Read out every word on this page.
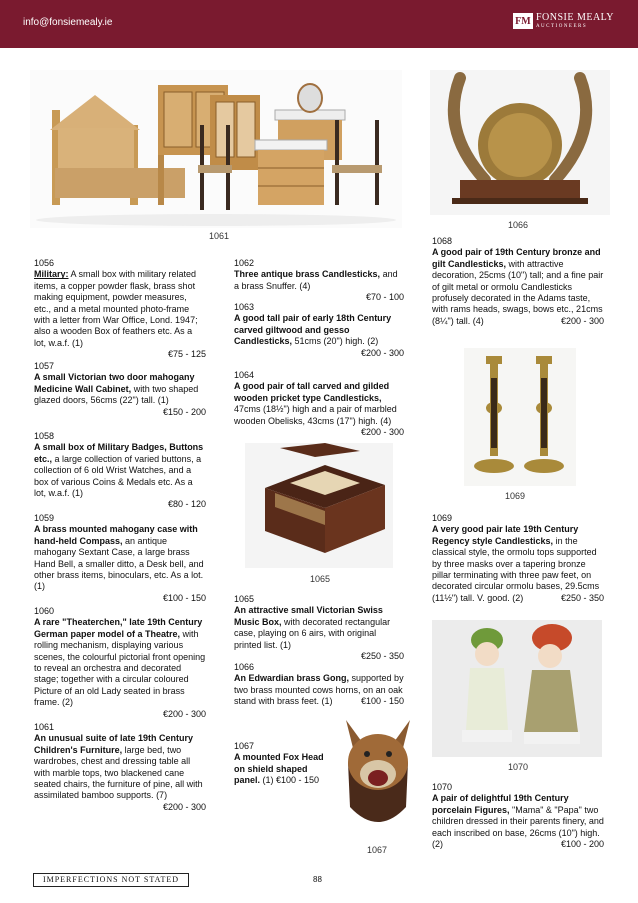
info@fonsiemealy.ie	FM FONSIE MEALY
AUCTIONEERS
1061
1066
1056

Military: A small box with military related items, a copper powder flask, brass shot making equipment, powder measures, etc., and a metal mounted photo-frame with a letter from War Office, Lond. 1947; also a wooden Box of feathers etc. As a lot, w.a.f. (1)

€75 - 125

1057

A small Victorian two door mahogany Medicine Wall Cabinet, with two shaped glazed doors, 56cms (22") tall. (1)

€150 - 200

1058

A small box of Military Badges, Buttons etc., a large collection of varied buttons, a collection of 6 old Wrist Watches, and a box of various Coins & Medals etc. As a lot, w.a.f. (1)

€80 - 120

1059

A brass mounted mahogany case with hand-held Compass, an antique mahogany Sextant Case, a large brass Hand Bell, a smaller ditto, a Desk bell, and other brass items, binoculars, etc. As a lot. (1)

€100 - 150

1060

A rare "Theaterchen," late 19th Century German paper model of a Theatre, with rolling mechanism, displaying various scenes, the colourful pictorial front opening to reveal an orchestra and decorated stage; together with a circular coloured Picture of an old Lady seated in brass frame. (2)

€200 - 300

1061

An unusual suite of late 19th Century Children's Furniture, large bed, two wardrobes, chest and dressing table all with marble tops, two blackened cane seated chairs, the furniture of pine, all with assimilated bamboo supports. (7)

€200 - 300

1062

Three antique brass Candlesticks, and a brass Snuffer. (4)

€70 - 100

1063

A good tall pair of early 18th Century carved giltwood and gesso Candlesticks, 51cms (20") high. (2)

€200 - 300

1064

A good pair of tall carved and gilded wooden pricket type Candlesticks, 47cms (18½") high and a pair of marbled wooden Obelisks, 43cms (17") high. (4)

€200 - 300

1065
1065

An attractive small Victorian Swiss Music Box, with decorated rectangular case, playing on 6 airs, with original printed list. (1)

€250 - 350

1066

An Edwardian brass Gong, supported by two brass mounted cows horns, on an oak stand with brass feet. (1)	€100 - 150

1067

A mounted Fox Head on shield shaped panel. (1) €100 - 150

1067
1068

A good pair of 19th Century bronze and gilt Candlesticks, with attractive decoration, 25cms (10") tall; and a fine pair of gilt metal or ormolu Candlesticks profusely decorated in the Adams taste, with rams heads, swags, bows etc., 21cms (8¼") tall. (4)	€200 - 300

1069
1069

A very good pair late 19th Century Regency style Candlesticks, in the classical style, the ormolu tops supported by three masks over a tapering bronze pillar terminating with three paw feet, on decorated circular ormolu bases, 29.5cms (11½") tall. V. good. (2)	€250 - 350

1070
1070

A pair of delightful 19th Century porcelain Figures, "Mama" & "Papa" two children dressed in their parents finery, and each inscribed on base, 26cms (10") high. (2)	€100 - 200

IMPERFECTIONS NOT STATED	88
